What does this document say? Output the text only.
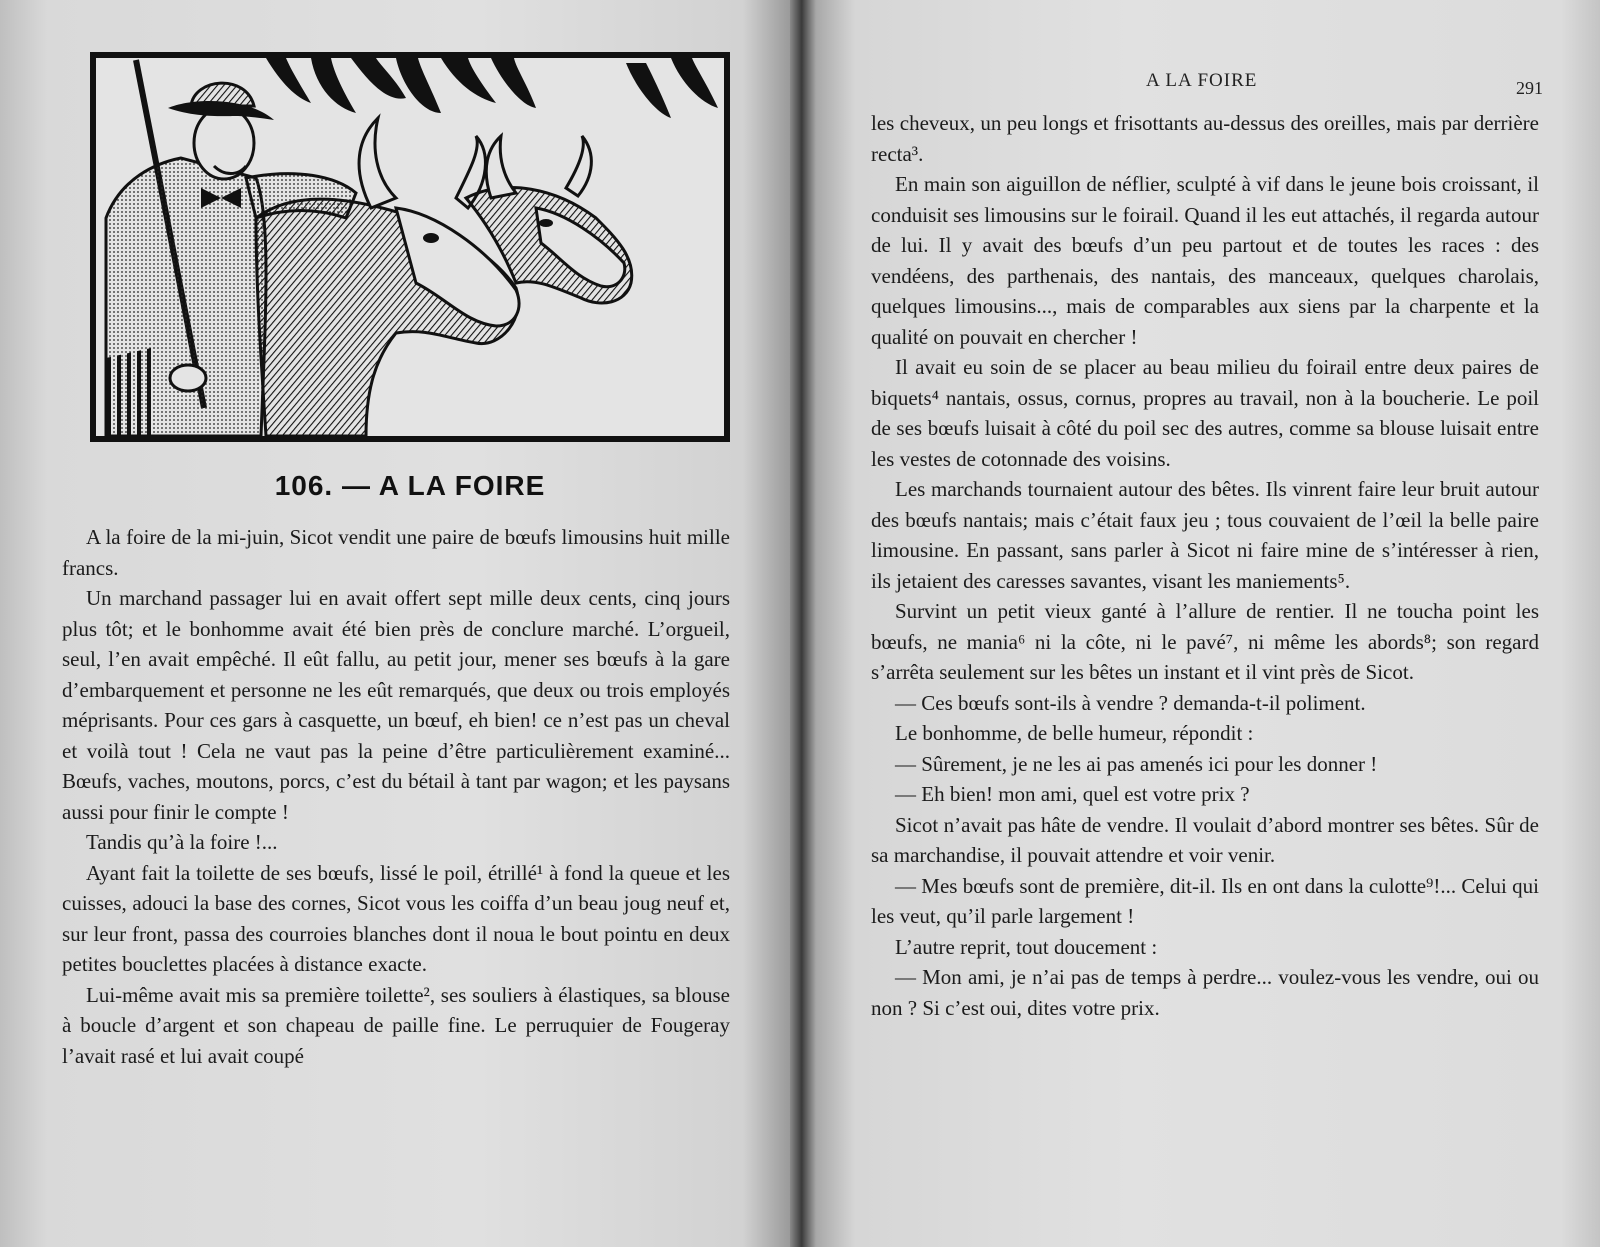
106. — A LA FOIRE

A la foire de la mi-juin, Sicot vendit une paire de bœufs limousins huit mille francs.

Un marchand passager lui en avait offert sept mille deux cents, cinq jours plus tôt; et le bonhomme avait été bien près de conclure marché. L’orgueil, seul, l’en avait empêché. Il eût fallu, au petit jour, mener ses bœufs à la gare d’embarquement et personne ne les eût remarqués, que deux ou trois employés méprisants. Pour ces gars à casquette, un bœuf, eh bien! ce n’est pas un cheval et voilà tout ! Cela ne vaut pas la peine d’être particulièrement examiné... Bœufs, vaches, moutons, porcs, c’est du bétail à tant par wagon; et les paysans aussi pour finir le compte !

Tandis qu’à la foire !...

Ayant fait la toilette de ses bœufs, lissé le poil, étrillé¹ à fond la queue et les cuisses, adouci la base des cornes, Sicot vous les coiffa d’un beau joug neuf et, sur leur front, passa des courroies blanches dont il noua le bout pointu en deux petites bouclettes placées à distance exacte.

Lui-même avait mis sa première toilette², ses souliers à élastiques, sa blouse à boucle d’argent et son chapeau de paille fine. Le perruquier de Fougeray l’avait rasé et lui avait coupé

A LA FOIRE	291

les cheveux, un peu longs et frisottants au-dessus des oreilles, mais par derrière recta³.

En main son aiguillon de néflier, sculpté à vif dans le jeune bois croissant, il conduisit ses limousins sur le foirail. Quand il les eut attachés, il regarda autour de lui. Il y avait des bœufs d’un peu partout et de toutes les races : des vendéens, des parthenais, des nantais, des manceaux, quelques charolais, quelques limousins..., mais de comparables aux siens par la charpente et la qualité on pouvait en chercher !

Il avait eu soin de se placer au beau milieu du foirail entre deux paires de biquets⁴ nantais, ossus, cornus, propres au travail, non à la boucherie. Le poil de ses bœufs luisait à côté du poil sec des autres, comme sa blouse luisait entre les vestes de cotonnade des voisins.

Les marchands tournaient autour des bêtes. Ils vinrent faire leur bruit autour des bœufs nantais; mais c’était faux jeu ; tous couvaient de l’œil la belle paire limousine. En passant, sans parler à Sicot ni faire mine de s’intéresser à rien, ils jetaient des caresses savantes, visant les maniements⁵.

Survint un petit vieux ganté à l’allure de rentier. Il ne toucha point les bœufs, ne mania⁶ ni la côte, ni le pavé⁷, ni même les abords⁸; son regard s’arrêta seulement sur les bêtes un instant et il vint près de Sicot.

— Ces bœufs sont-ils à vendre ? demanda-t-il poliment.

Le bonhomme, de belle humeur, répondit :

— Sûrement, je ne les ai pas amenés ici pour les donner !

— Eh bien! mon ami, quel est votre prix ?

Sicot n’avait pas hâte de vendre. Il voulait d’abord montrer ses bêtes. Sûr de sa marchandise, il pouvait attendre et voir venir.

— Mes bœufs sont de première, dit-il. Ils en ont dans la culotte⁹!... Celui qui les veut, qu’il parle largement !

L’autre reprit, tout doucement :

— Mon ami, je n’ai pas de temps à perdre... voulez-vous les vendre, oui ou non ? Si c’est oui, dites votre prix.
